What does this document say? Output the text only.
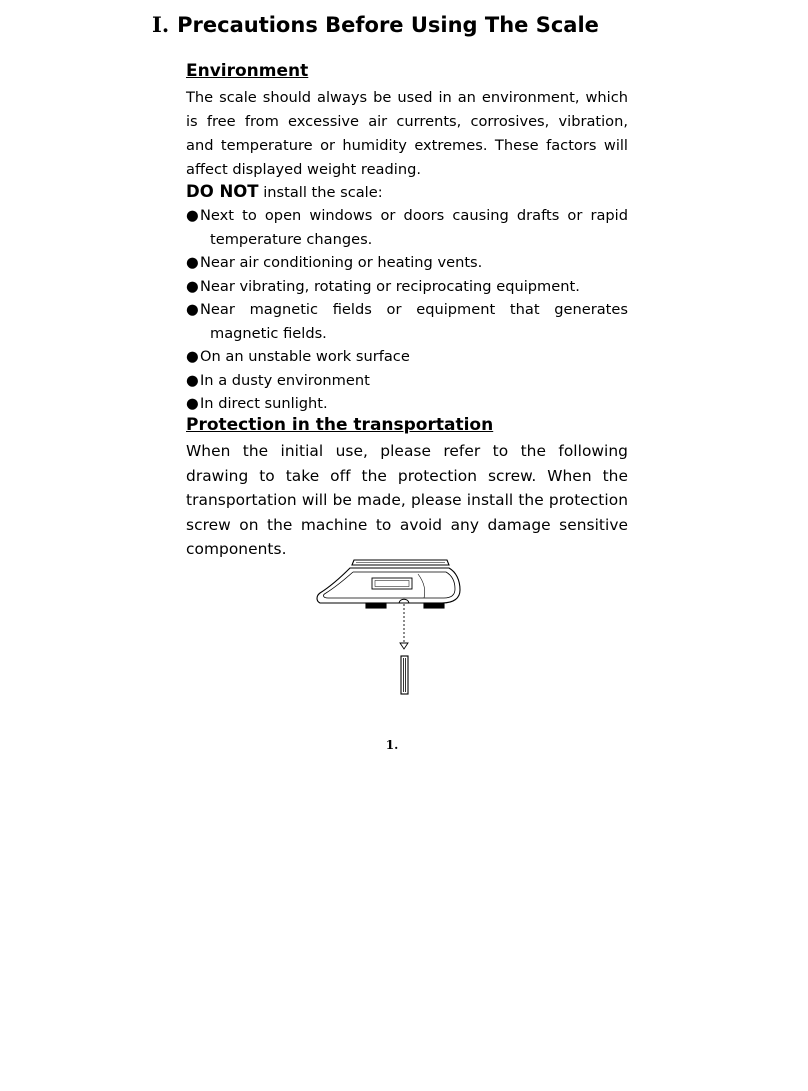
Ⅰ. Precautions Before Using The Scale
Environment
The scale should always be used in an environment, which is free from excessive air currents, corrosives, vibration, and temperature or humidity extremes. These factors will affect displayed weight reading.
DO NOT install the scale:
● Next to open windows or doors causing drafts or rapid temperature changes.
● Near air conditioning or heating vents.
● Near vibrating, rotating or reciprocating equipment.
● Near magnetic fields or equipment that generates magnetic fields.
● On an unstable work surface
● In a dusty environment
● In direct sunlight.
Protection in the transportation
When the initial use, please refer to the following drawing to take off the protection screw. When the transportation will be made, please install the protection screw on the machine to avoid any damage sensitive components.
1.
